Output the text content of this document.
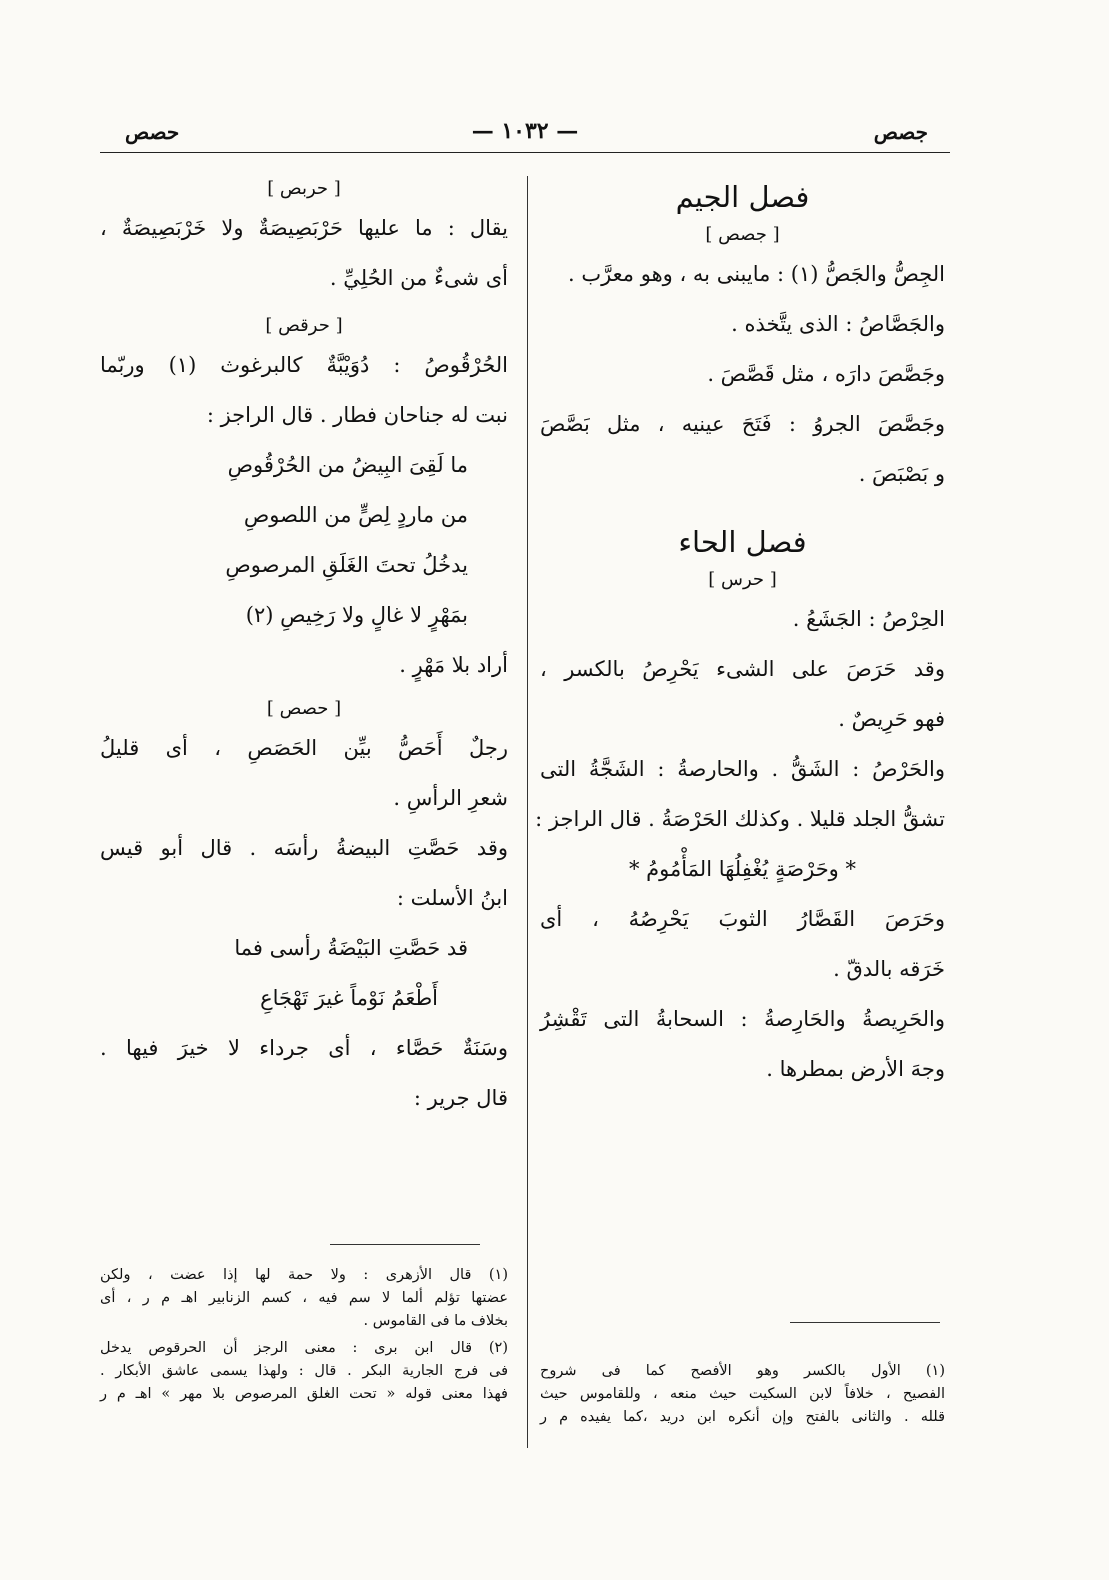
حصص	— ١٠٣٢ —	جصص
فصل الجيم
[ جصص ]
الجِصُّ والجَصُّ (١) : مايبنى به ، وهو معرَّب .
والجَصَّاصُ : الذى يتَّخذه .
وجَصَّصَ دارَه ، مثل قَصَّصَ .
وجَصَّصَ الجروُ : فَتَحَ عينيه ، مثل بَصَّصَ
و بَصْبَصَ .
فصل الحاء
[ حرس ]
الحِرْصُ : الجَشَعُ .
وقد حَرَصَ على الشىء يَحْرِصُ بالكسر ،
فهو حَرِيصٌ .
والحَرْصُ : الشَقُّ . والحارصةُ : الشَجَّةُ التى
تشقُّ الجلد قليلا . وكذلك الحَرْصَةُ . قال الراجز :
* وحَرْصَةٍ يُغْفِلُهَا المَأْمُومُ *
وحَرَصَ القَصَّارُ الثوبَ يَحْرِصُهُ ، أى
خَرَقه بالدقّ .
والحَرِيصةُ والحَارِصةُ : السحابةُ التى تَقْشِرُ
وجهَ الأرض بمطرها .

(١) الأول بالكسر وهو الأفصح كما فى شروح

الفصيح ، خلافاً لابن السكيت حيث منعه ، وللقاموس حيث

قلله . والثانى بالفتح وإن أنكره ابن دريد ،كما يفيده م ر

[ حربص ]
يقال : ما عليها حَرْبَصِيصَةٌ ولا خَرْبَصِيصَةٌ ،
أى شىءٌ من الحُلِيِّ .
[ حرقص ]
الحُرْقُوصُ : دُوَيْبَّةٌ كالبرغوث (١) وربّما
نبت له جناحان فطار . قال الراجز :
ما لَقِىَ البِيضُ من الحُرْقُوصِ
من ماردٍ لِصٍّ من اللصوصِ
يدخُلُ تحتَ الغَلَقِ المرصوصِ
بمَهْرٍ لا غالٍ ولا رَخِيصِ (٢)
أراد بلا مَهْرٍ .
[ حصص ]
رجلٌ أَحَصُّ بيِّن الحَصَصِ ، أى قليلُ
شعرِ الرأسِ .
وقد حَصَّتِ البيضةُ رأسَه . قال أبو قيس
ابنُ الأسلت :
قد حَصَّتِ البَيْضَةُ رأسى فما
أَطْعَمُ نَوْماً غيرَ تَهْجَاعِ
وسَنَةٌ حَصَّاء ، أى جرداء لا خيرَ فيها .
قال جرير :

(١) قال الأزهرى : ولا حمة لها إذا عضت ، ولكن

عضتها تؤلم ألما لا سم فيه ، كسم الزنابير اهـ م ر ، أى

بخلاف ما فى القاموس .

(٢) قال ابن برى : معنى الرجز أن الحرقوص يدخل

فى فرج الجارية البكر . قال : ولهذا يسمى عاشق الأبكار .

فهذا معنى قوله « تحت الغلق المرصوص بلا مهر » اهـ م ر
